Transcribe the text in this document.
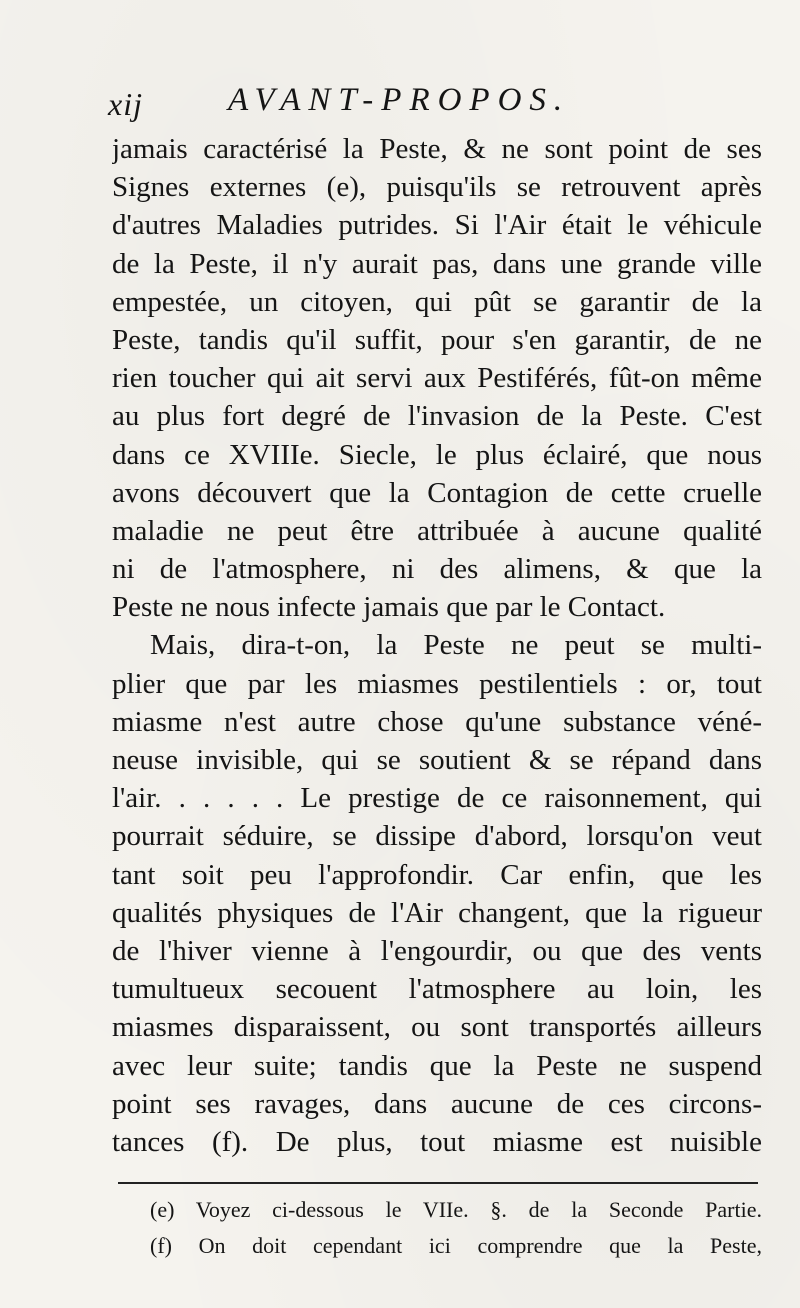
xij	AVANT-PROPOS.
jamais caractérisé la Peste, & ne sont point de ses
Signes externes (e), puisqu'ils se retrouvent après
d'autres Maladies putrides. Si l'Air était le véhicule
de la Peste, il n'y aurait pas, dans une grande ville
empestée, un citoyen, qui pût se garantir de la
Peste, tandis qu'il suffit, pour s'en garantir, de ne
rien toucher qui ait servi aux Pestiférés, fût-on même
au plus fort degré de l'invasion de la Peste. C'est
dans ce XVIIIe. Siecle, le plus éclairé, que nous
avons découvert que la Contagion de cette cruelle
maladie ne peut être attribuée à aucune qualité
ni de l'atmosphere, ni des alimens, & que la
Peste ne nous infecte jamais que par le Contact.
Mais, dira-t-on, la Peste ne peut se multi-
plier que par les miasmes pestilentiels : or, tout
miasme n'est autre chose qu'une substance véné-
neuse invisible, qui se soutient & se répand dans
l'air. . . . . . Le prestige de ce raisonnement, qui
pourrait séduire, se dissipe d'abord, lorsqu'on veut
tant soit peu l'approfondir. Car enfin, que les
qualités physiques de l'Air changent, que la rigueur
de l'hiver vienne à l'engourdir, ou que des vents
tumultueux secouent l'atmosphere au loin, les
miasmes disparaissent, ou sont transportés ailleurs
avec leur suite; tandis que la Peste ne suspend
point ses ravages, dans aucune de ces circons-
tances (f). De plus, tout miasme est nuisible
(e) Voyez ci-dessous le VIIe. §. de la Seconde Partie.
(f) On doit cependant ici comprendre que la Peste,
